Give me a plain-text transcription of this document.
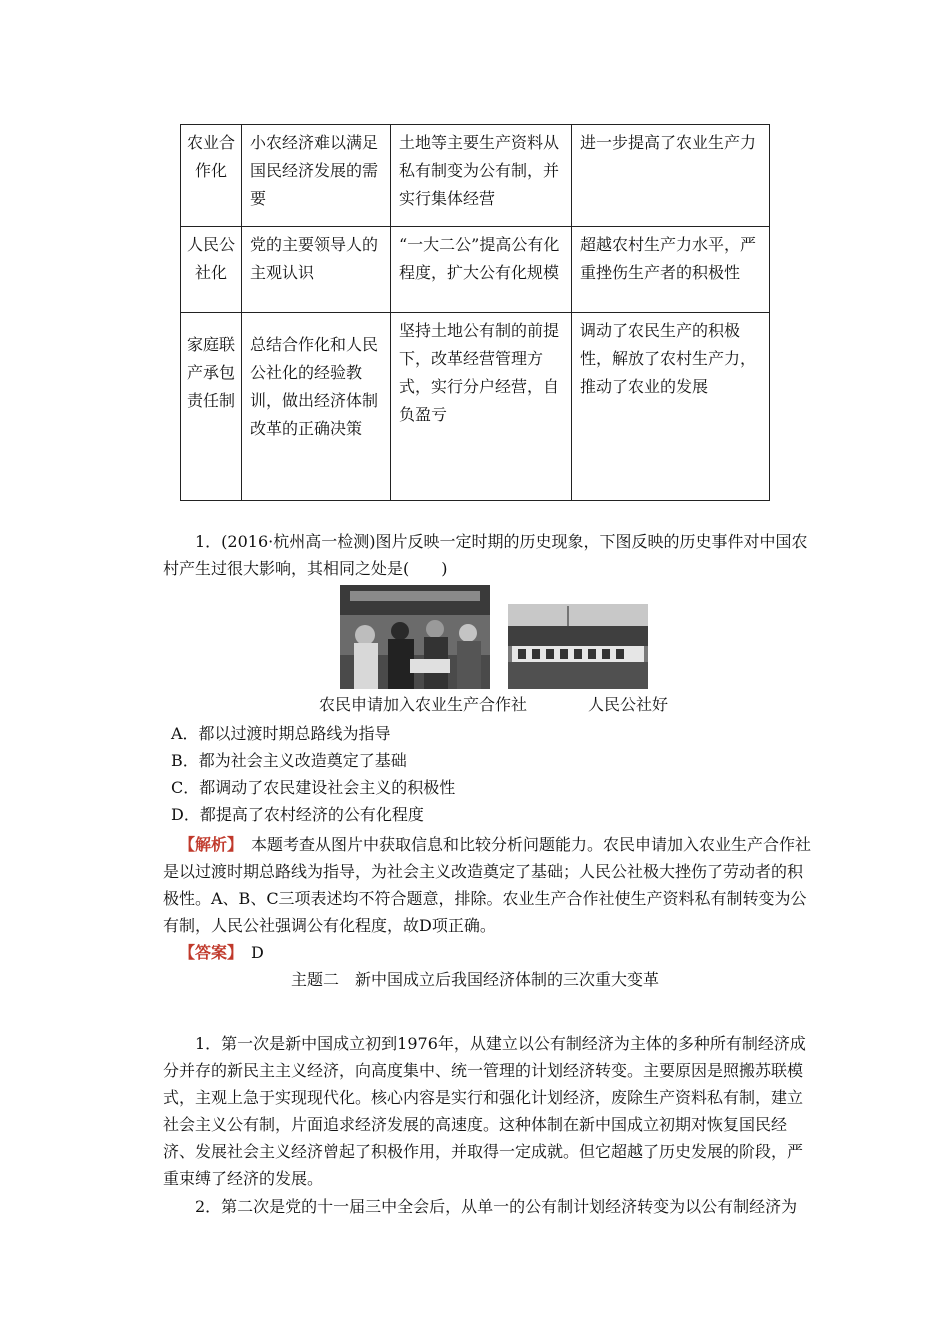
农业合作化	小农经济难以满足国民经济发展的需要	土地等主要生产资料从私有制变为公有制，并实行集体经营	进一步提高了农业生产力

人民公社化	党的主要领导人的主观认识	“一大二公”提高公有化程度，扩大公有化规模	超越农村生产力水平，严重挫伤生产者的积极性
家庭联产承包责任制	总结合作化和人民公社化的经验教训，做出经济体制改革的正确决策	坚持土地公有制的前提下，改革经营管理方式，实行分户经营，自负盈亏	调动了农民生产的积极性，解放了农村生产力，推动了农业的发展

1．(2016·杭州高一检测)图片反映一定时期的历史现象，下图反映的历史事件对中国农村产生过很大影响，其相同之处是(　　)

农民申请加入农业生产合作社	人民公社好

A．都以过渡时期总路线为指导

B．都为社会主义改造奠定了基础

C．都调动了农民建设社会主义的积极性

D．都提高了农村经济的公有化程度

【解析】　 本题考查从图片中获取信息和比较分析问题能力。农民申请加入农业生产合作社是以过渡时期总路线为指导，为社会主义改造奠定了基础；人民公社极大挫伤了劳动者的积极性。A、B、C三项表述均不符合题意，排除。农业生产合作社使生产资料私有制转变为公有制，人民公社强调公有化程度，故D项正确。

【答案】　 D

主题二　新中国成立后我国经济体制的三次重大变革

1．第一次是新中国成立初到1976年，从建立以公有制经济为主体的多种所有制经济成分并存的新民主主义经济，向高度集中、统一管理的计划经济转变。主要原因是照搬苏联模式，主观上急于实现现代化。核心内容是实行和强化计划经济，废除生产资料私有制，建立社会主义公有制，片面追求经济发展的高速度。这种体制在新中国成立初期对恢复国民经济、发展社会主义经济曾起了积极作用，并取得一定成就。但它超越了历史发展的阶段，严重束缚了经济的发展。

2．第二次是党的十一届三中全会后，从单一的公有制计划经济转变为以公有制经济为
